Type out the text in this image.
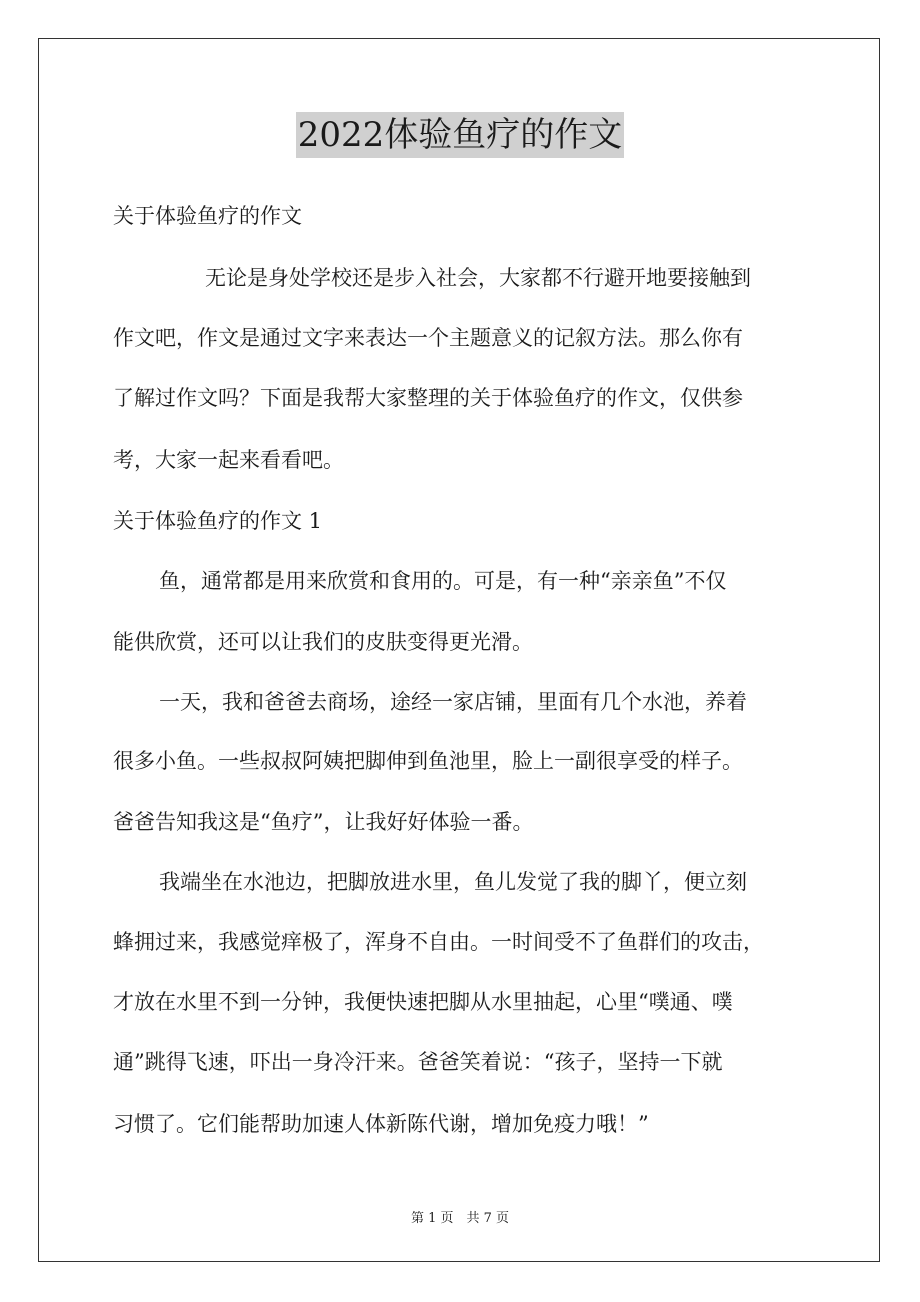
2022体验鱼疗的作文
关于体验鱼疗的作文
无论是身处学校还是步入社会，大家都不行避开地要接触到
作文吧，作文是通过文字来表达一个主题意义的记叙方法。那么你有
了解过作文吗？下面是我帮大家整理的关于体验鱼疗的作文，仅供参
考，大家一起来看看吧。
关于体验鱼疗的作文 1
鱼，通常都是用来欣赏和食用的。可是，有一种“亲亲鱼”不仅
能供欣赏，还可以让我们的皮肤变得更光滑。
一天，我和爸爸去商场，途经一家店铺，里面有几个水池，养着
很多小鱼。一些叔叔阿姨把脚伸到鱼池里，脸上一副很享受的样子。
爸爸告知我这是“鱼疗”，让我好好体验一番。
我端坐在水池边，把脚放进水里，鱼儿发觉了我的脚丫，便立刻
蜂拥过来，我感觉痒极了，浑身不自由。一时间受不了鱼群们的攻击，
才放在水里不到一分钟，我便快速把脚从水里抽起，心里“噗通、噗
通”跳得飞速，吓出一身冷汗来。爸爸笑着说：“孩子，坚持一下就
习惯了。它们能帮助加速人体新陈代谢，增加免疫力哦！”
第 1 页　共 7 页
